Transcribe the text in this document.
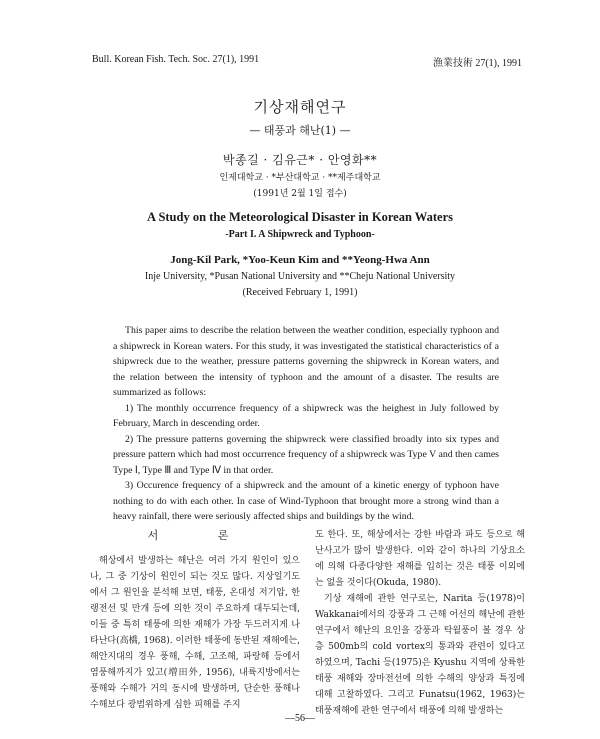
Bull. Korean Fish. Tech. Soc. 27(1), 1991	漁業技術 27(1), 1991
기상재해연구
— 태풍과 해난(1) —
박종길 · 김유근* · 안영화**
인제대학교 · *부산대학교 · **제주대학교
(1991년 2월 1일 접수)
A Study on the Meteorological Disaster in Korean Waters
-Part I. A Shipwreck and Typhoon-
Jong-Kil Park, *Yoo-Keun Kim and **Yeong-Hwa Ann
Inje University, *Pusan National University and **Cheju National University
(Received February 1, 1991)

This paper aims to describe the relation between the weather condition, especially typhoon and a shipwreck in Korean waters. For this study, it was investigated the statistical characteristics of a shipwreck due to the weather, pressure patterns governing the shipwreck in Korean waters, and the relation between the intensity of typhoon and the amount of a disaster. The results are summarized as follows:

1) The monthly occurrence frequency of a shipwreck was the heighest in July followed by February, March in descending order.

2) The pressure patterns governing the shipwreck were classified broadly into six types and pressure pattern which had most occurrence frequency of a shipwreck was Type V and then cames Type Ⅰ, Type Ⅲ and Type Ⅳ in that order.

3) Occurence frequency of a shipwreck and the amount of a kinetic energy of typhoon have nothing to do with each other. In case of Wind-Typhoon that brought more a strong wind than a heavy rainfall, there were seriously affected ships and buildings by the wind.

서 론

해상에서 발생하는 해난은 여러 가지 원인이 있으나, 그 중 기상이 원인이 되는 것도 많다. 지상일기도에서 그 원인을 분석해 보면, 태풍, 온대성 저기압, 한랭전선 및 만개 등에 의한 것이 주요하게 대두되는데, 이들 중 특히 태풍에 의한 재해가 가장 두드러지게 나타난다(高橋, 1968). 이러한 태풍에 동반된 재해에는, 해안지대의 경우 풍해, 수해, 고조해, 파랑해 등에서 염풍해까지가 있고(増田外, 1956), 내륙지방에서는 풍해와 수해가 거의 동시에 발생하며, 단순한 풍해나 수해보다 광범위하게 심한 피해를 주지

도 한다. 또, 해상에서는 강한 바람과 파도 등으로 해난사고가 많이 발생한다. 이와 같이 하나의 기상요소에 의해 다종다양한 재해를 입히는 것은 태풍 이외에는 없을 것이다(Okuda, 1980).

기상 재해에 관한 연구로는, Narita 등(1978)이 Wakkanai에서의 강풍과 그 근해 어선의 해난에 관한 연구에서 해난의 요인을 강풍과 탁월풍이 볼 경우 상층 500mb의 cold vortex의 통과와 관련이 있다고 하였으며, Tachi 등(1975)은 Kyushu 지역에 상륙한 태풍 재해와 장마전선에 의한 수해의 양상과 특징에 대해 고찰하였다. 그리고 Funatsu(1962, 1963)는 태풍재해에 관한 연구에서 태풍에 의해 발생하는

—56—
